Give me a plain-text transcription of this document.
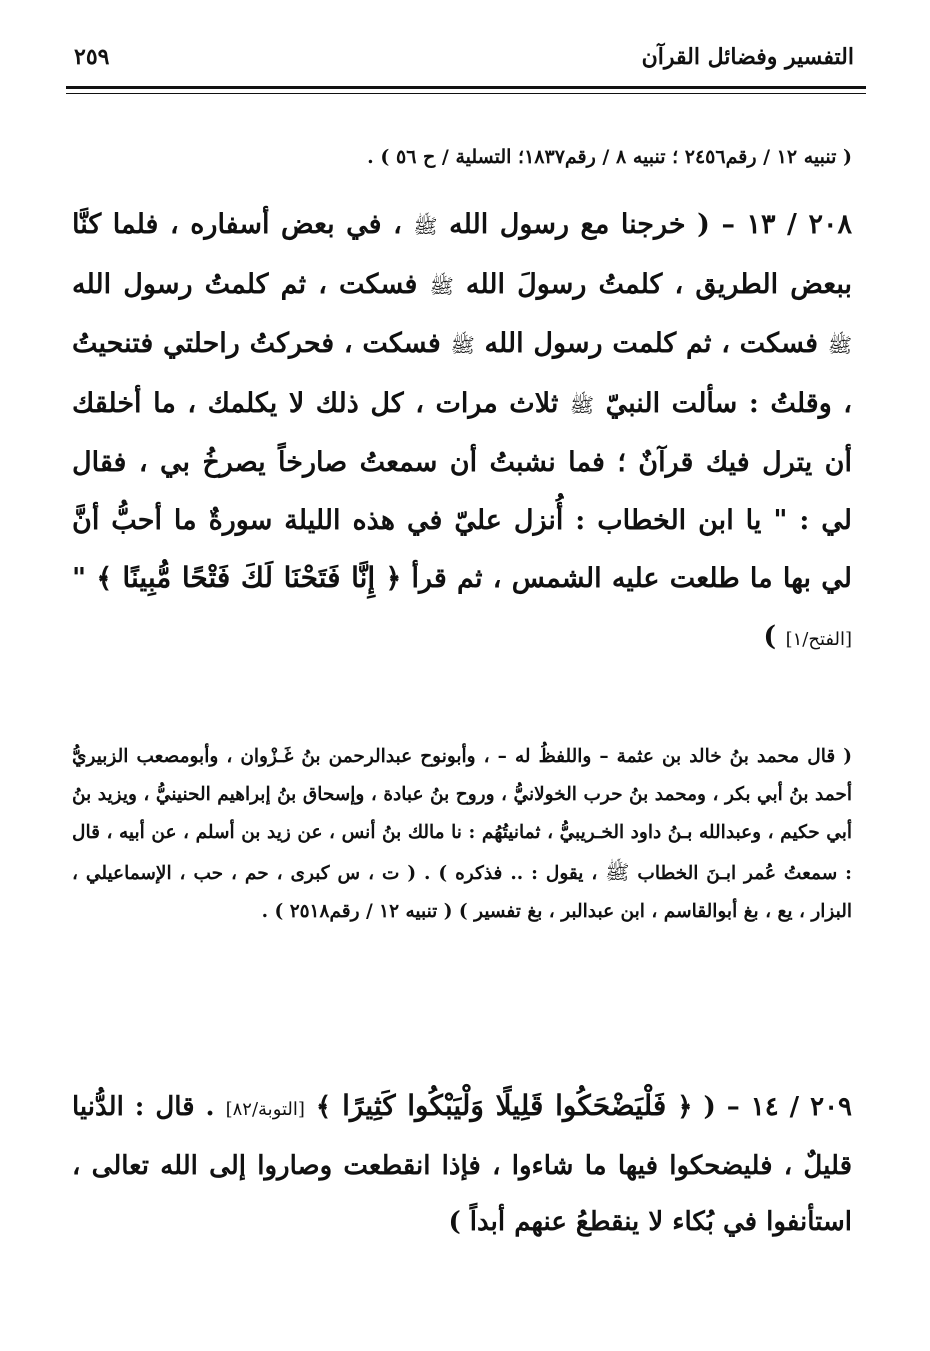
٢٥٩	التفسير وفضائل القرآن
( تنبيه ١٢ / رقم٢٤٥٦ ؛ تنبيه ٨ / رقم١٨٣٧؛ التسلية / ح ٥٦ ) .
٢٠٨ / ١٣ – ( خرجنا مع رسول الله ﷺ ، في بعض أسفاره ، فلما كنَّا ببعض الطريق ، كلمتُ رسولَ الله ﷺ فسكت ، ثم كلمتُ رسول الله ﷺ فسكت ، ثم كلمت رسول الله ﷺ فسكت ، فحركتُ راحلتي فتنحيتُ ، وقلتُ : سألت النبيّ ﷺ ثلاث مرات ، كل ذلك لا يكلمك ، ما أخلقك أن يترل فيك قرآنٌ ؛ فما نشبتُ أن سمعتُ صارخاً يصرخُ بي ، فقال لي : " يا ابن الخطاب : أُنزل عليّ في هذه الليلة سورةٌ ما أحبُّ أنَّ لي بها ما طلعت عليه الشمس ، ثم قرأ ﴿ إِنَّا فَتَحْنَا لَكَ فَتْحًا مُّبِينًا ﴾ " [الفتح/١] )
( قال محمد بنُ خالد بن عثمة – واللفظُ له – ، وأبونوح عبدالرحمن بنُ غَـزْوان ، وأبومصعب الزبيريُّ أحمد بنُ أبي بكر ، ومحمد بنُ حرب الخولانيُّ ، وروح بنُ عبادة ، وإسحاق بنُ إبراهيم الحنينيُّ ، ويزيد بنُ أبي حكيم ، وعبدالله بـنُ داود الخـريبيُّ ، ثمانيتُهُم : نا مالك بنُ أنس ، عن زيد بن أسلم ، عن أبيه ، قال : سمعتُ عُمر ابـنَ الخطاب ﷺ ، يقول : .. فذكره ) . ( ت ، س كبرى ، حم ، حب ، الإسماعيلي ، البزار ، يع ، بغ أبوالقاسم ، ابن عبدالبر ، بغ تفسير ) ( تنبيه ١٢ / رقم٢٥١٨ ) .
٢٠٩ / ١٤ – ( ﴿ فَلْيَضْحَكُوا قَلِيلًا وَلْيَبْكُوا كَثِيرًا ﴾ [التوبة/٨٢] . قال : الدُّنيا قليلٌ ، فليضحكوا فيها ما شاءوا ، فإذا انقطعت وصاروا إلى الله تعالى ، استأنفوا في بُكاء لا ينقطعُ عنهم أبداً )
